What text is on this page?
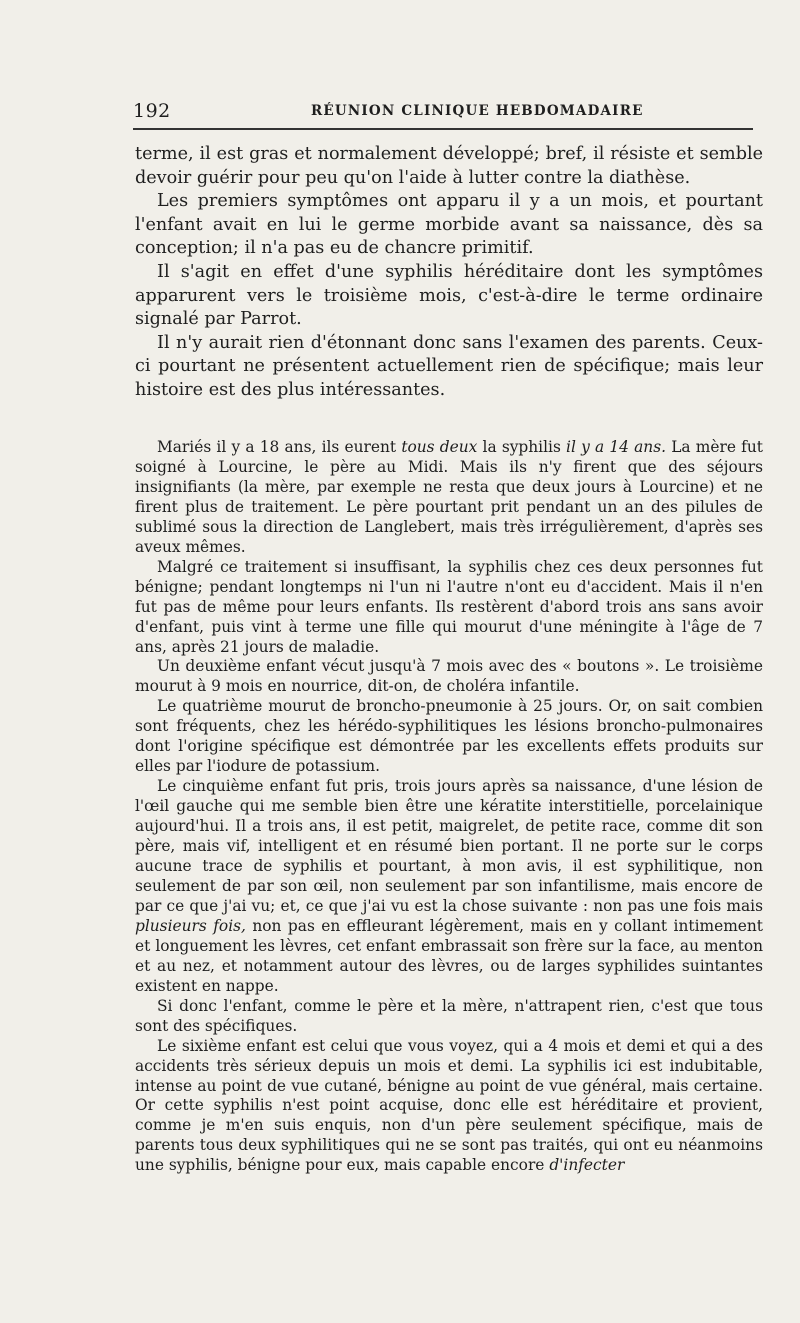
192	RÉUNION CLINIQUE HEBDOMADAIRE

terme, il est gras et normalement développé; bref, il résiste et semble devoir guérir pour peu qu'on l'aide à lutter contre la diathèse.

Les premiers symptômes ont apparu il y a un mois, et pourtant l'enfant avait en lui le germe morbide avant sa naissance, dès sa conception; il n'a pas eu de chancre primitif.

Il s'agit en effet d'une syphilis héréditaire dont les symptômes apparurent vers le troisième mois, c'est-à-dire le terme ordinaire signalé par Parrot.

Il n'y aurait rien d'étonnant donc sans l'examen des parents. Ceux-ci pourtant ne présentent actuellement rien de spécifique; mais leur histoire est des plus intéressantes.

Mariés il y a 18 ans, ils eurent tous deux la syphilis il y a 14 ans. La mère fut soigné à Lourcine, le père au Midi. Mais ils n'y firent que des séjours insignifiants (la mère, par exemple ne resta que deux jours à Lourcine) et ne firent plus de traitement. Le père pourtant prit pendant un an des pilules de sublimé sous la direction de Langlebert, mais très irrégulièrement, d'après ses aveux mêmes.

Malgré ce traitement si insuffisant, la syphilis chez ces deux personnes fut bénigne; pendant longtemps ni l'un ni l'autre n'ont eu d'accident. Mais il n'en fut pas de même pour leurs enfants. Ils restèrent d'abord trois ans sans avoir d'enfant, puis vint à terme une fille qui mourut d'une méningite à l'âge de 7 ans, après 21 jours de maladie.

Un deuxième enfant vécut jusqu'à 7 mois avec des « boutons ». Le troisième mourut à 9 mois en nourrice, dit-on, de choléra infantile.

Le quatrième mourut de broncho-pneumonie à 25 jours. Or, on sait combien sont fréquents, chez les hérédo-syphilitiques les lésions broncho-pulmonaires dont l'origine spécifique est démontrée par les excellents effets produits sur elles par l'iodure de potassium.

Le cinquième enfant fut pris, trois jours après sa naissance, d'une lésion de l'œil gauche qui me semble bien être une kératite interstitielle, porcelainique aujourd'hui. Il a trois ans, il est petit, maigrelet, de petite race, comme dit son père, mais vif, intelligent et en résumé bien portant. Il ne porte sur le corps aucune trace de syphilis et pourtant, à mon avis, il est syphilitique, non seulement de par son œil, non seulement par son infantilisme, mais encore de par ce que j'ai vu; et, ce que j'ai vu est la chose suivante : non pas une fois mais plusieurs fois, non pas en effleurant légèrement, mais en y collant intimement et longuement les lèvres, cet enfant embrassait son frère sur la face, au menton et au nez, et notamment autour des lèvres, ou de larges syphilides suintantes existent en nappe.

Si donc l'enfant, comme le père et la mère, n'attrapent rien, c'est que tous sont des spécifiques.

Le sixième enfant est celui que vous voyez, qui a 4 mois et demi et qui a des accidents très sérieux depuis un mois et demi. La syphilis ici est indubitable, intense au point de vue cutané, bénigne au point de vue général, mais certaine. Or cette syphilis n'est point acquise, donc elle est héréditaire et provient, comme je m'en suis enquis, non d'un père seulement spécifique, mais de parents tous deux syphilitiques qui ne se sont pas traités, qui ont eu néanmoins une syphilis, bénigne pour eux, mais capable encore d'infecter
